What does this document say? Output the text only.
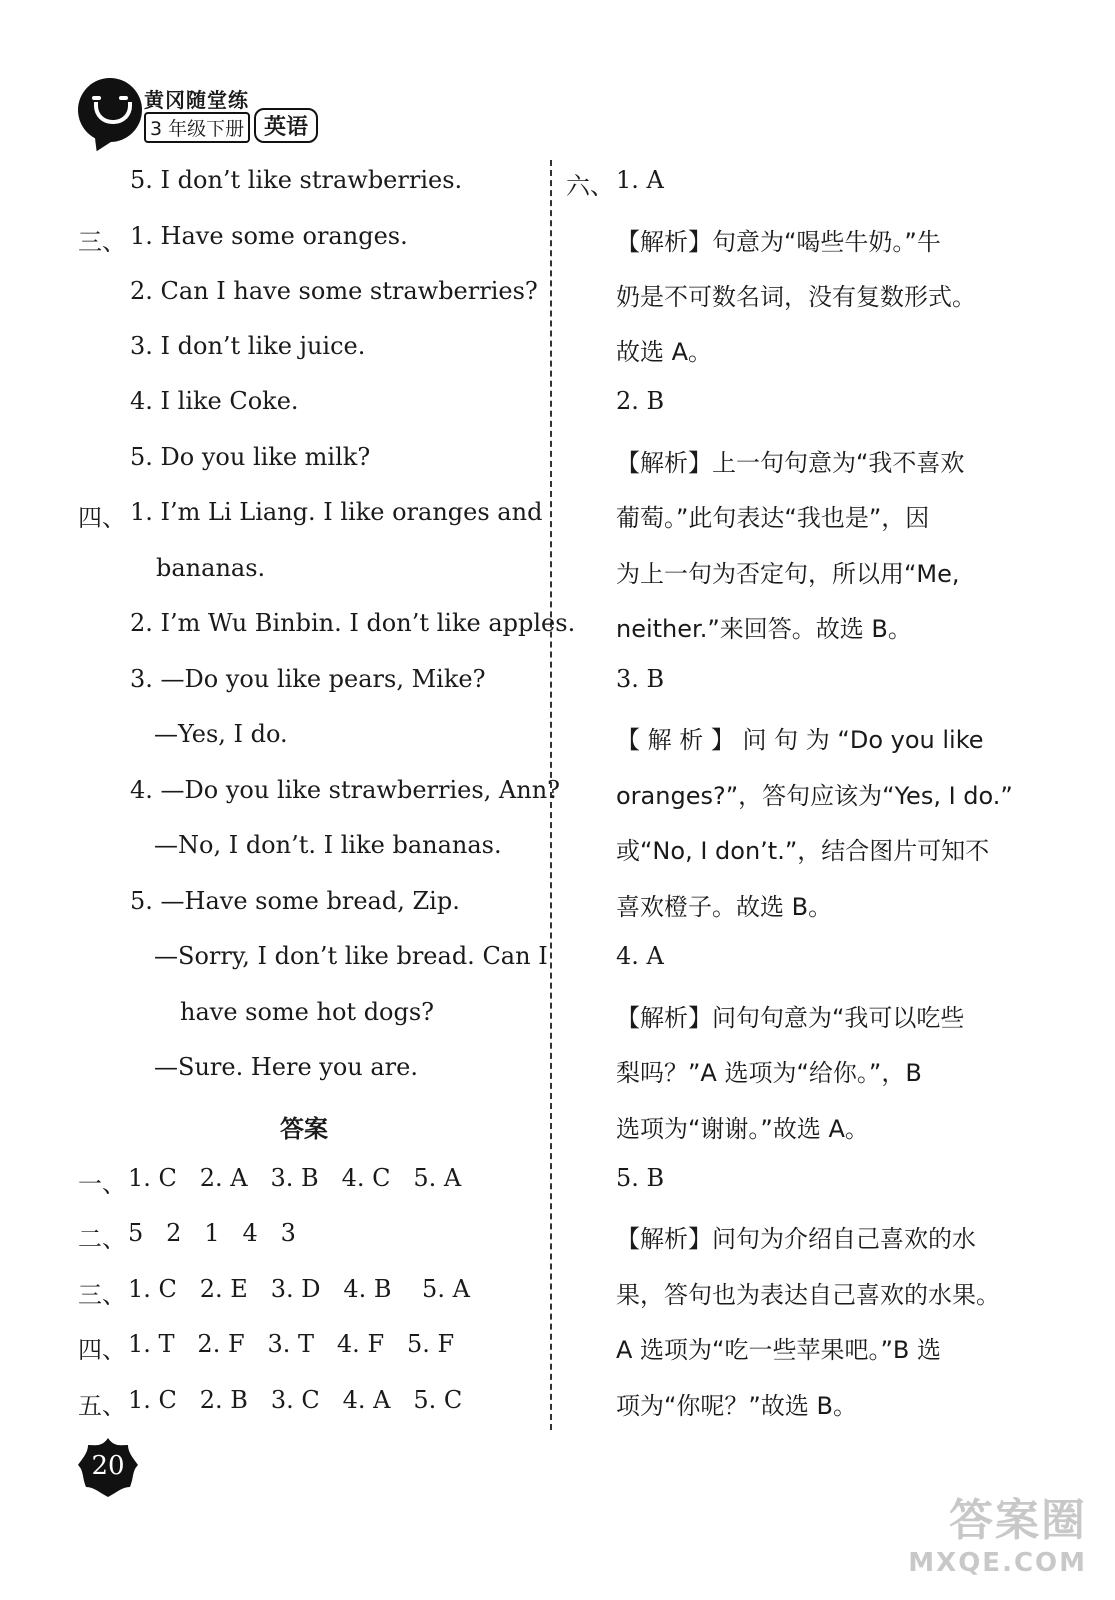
黄冈随堂练
3 年级下册 英语
5. I don’t like strawberries.
三、 1. Have some oranges.
2. Can I have some strawberries?
3. I don’t like juice.
4. I like Coke.
5. Do you like milk?
四、 1. I’m Li Liang. I like oranges and
bananas.
2. I’m Wu Binbin. I don’t like apples.
3. —Do you like pears, Mike?
—Yes, I do.
4. —Do you like strawberries, Ann?
—No, I don’t. I like bananas.
5. —Have some bread, Zip.
—Sorry, I don’t like bread. Can I
have some hot dogs?
—Sure. Here you are.
答案
一、 1. C   2. A   3. B   4. C   5. A
二、 5   2   1   4   3
三、 1. C   2. E   3. D   4. B    5. A
四、 1. T   2. F   3. T   4. F   5. F
五、 1. C   2. B   3. C   4. A   5. C
六、 1. A
【解析】句意为“喝些牛奶。”牛
奶是不可数名词，没有复数形式。
故选 A。
2. B
【解析】上一句句意为“我不喜欢
葡萄。”此句表达“我也是”，因
为上一句为否定句，所以用“Me,
neither.”来回答。故选 B。
3. B
【 解 析 】 问 句 为 “Do you like
oranges?”，答句应该为“Yes, I do.”
或“No, I don’t.”，结合图片可知不
喜欢橙子。故选 B。
4. A
【解析】问句句意为“我可以吃些
梨吗？”A 选项为“给你。”，B
选项为“谢谢。”故选 A。
5. B
【解析】问句为介绍自己喜欢的水
果，答句也为表达自己喜欢的水果。
A 选项为“吃一些苹果吧。”B 选
项为“你呢？”故选 B。
20
答案圈
MXQE.COM
